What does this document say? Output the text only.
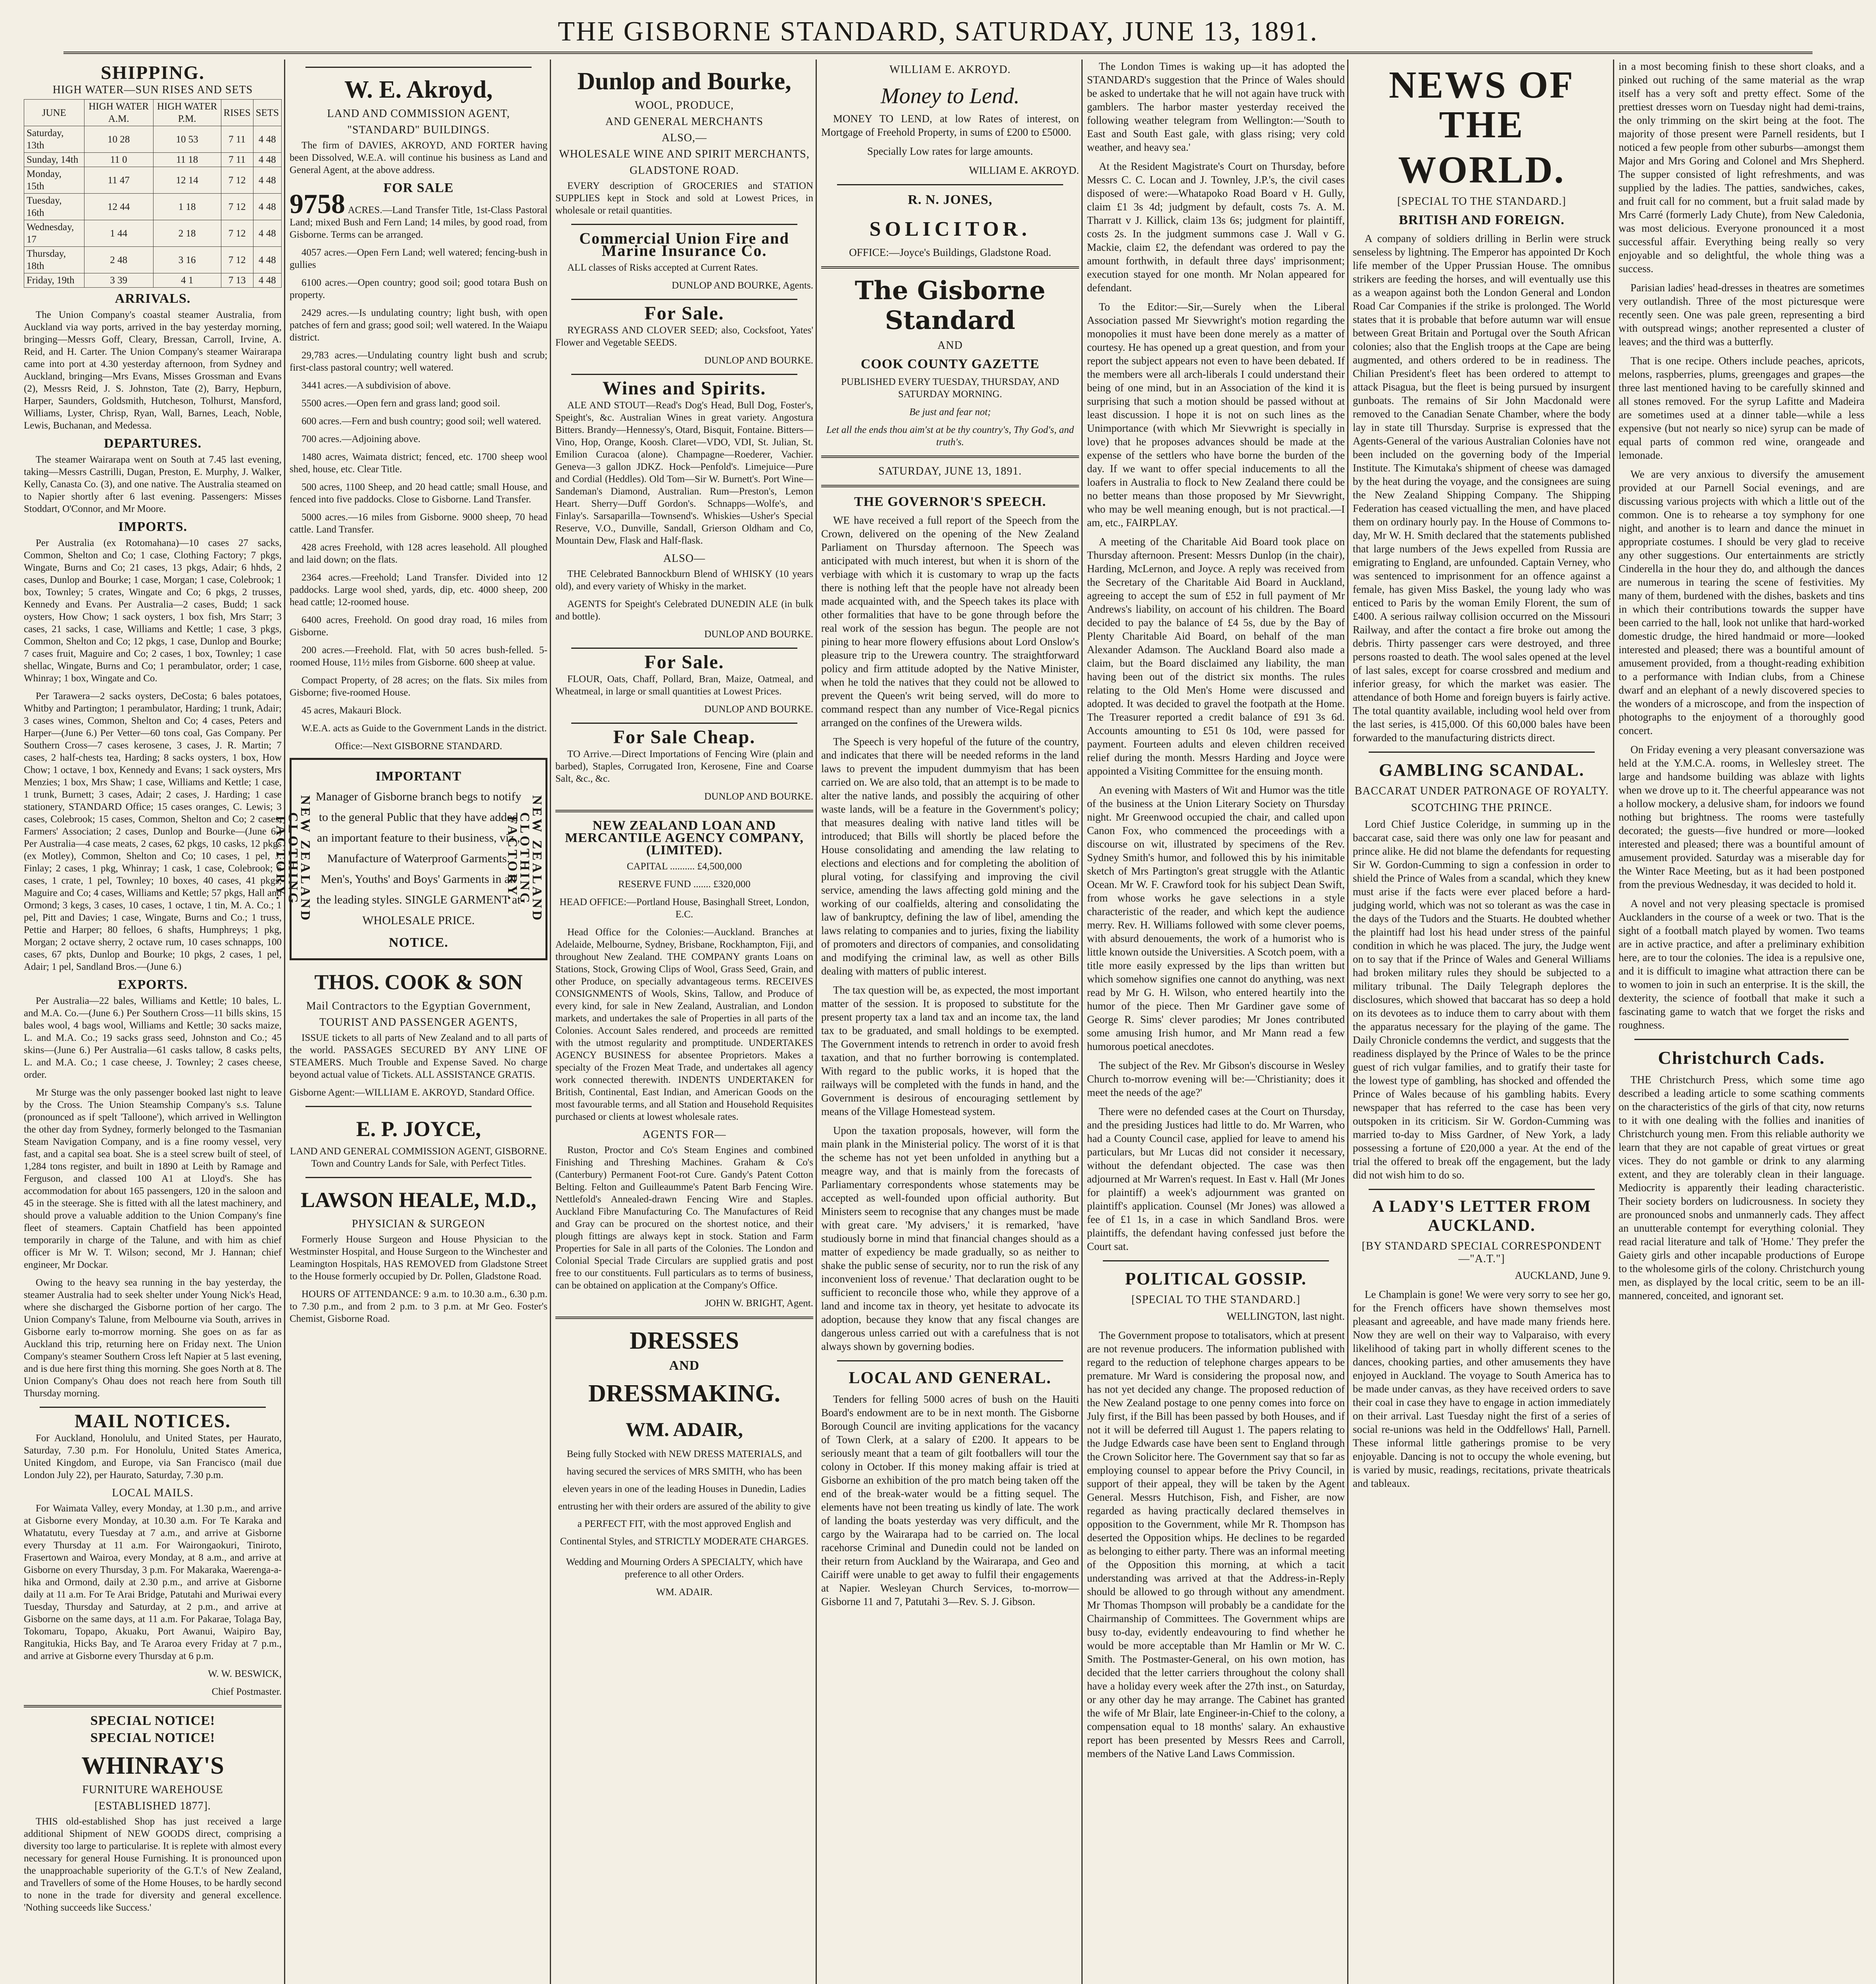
THE GISBORNE STANDARD, SATURDAY, JUNE 13, 1891.
SHIPPING.
HIGH WATER—SUN RISES AND SETS
JUNE	HIGH WATER A.M.	HIGH WATER P.M.	RISES	SETS
Saturday, 13th	10 28	10 53	7 11	4 48
Sunday, 14th	11 0	11 18	7 11	4 48
Monday, 15th	11 47	12 14	7 12	4 48
Tuesday, 16th	12 44	1 18	7 12	4 48
Wednesday, 17	1 44	2 18	7 12	4 48
Thursday, 18th	2 48	3 16	7 12	4 48
Friday, 19th	3 39	4 1	7 13	4 48
ARRIVALS.

The Union Company's coastal steamer Australia, from Auckland via way ports, arrived in the bay yesterday morning, bringing—Messrs Goff, Cleary, Bressan, Carroll, Irvine, A. Reid, and H. Carter. The Union Company's steamer Wairarapa came into port at 4.30 yesterday afternoon, from Sydney and Auckland, bringing—Mrs Evans, Misses Grossman and Evans (2), Messrs Reid, J. S. Johnston, Tate (2), Barry, Hepburn, Harper, Saunders, Goldsmith, Hutcheson, Tolhurst, Mansford, Williams, Lyster, Chrisp, Ryan, Wall, Barnes, Leach, Noble, Lewis, Buchanan, and Medessa.

DEPARTURES.

The steamer Wairarapa went on South at 7.45 last evening, taking—Messrs Castrilli, Dugan, Preston, E. Murphy, J. Walker, Kelly, Canasta Co. (3), and one native. The Australia steamed on to Napier shortly after 6 last evening. Passengers: Misses Stoddart, O'Connor, and Mr Moore.

IMPORTS.

Per Australia (ex Rotomahana)—10 cases 27 sacks, Common, Shelton and Co; 1 case, Clothing Factory; 7 pkgs, Wingate, Burns and Co; 21 cases, 13 pkgs, Adair; 6 hhds, 2 cases, Dunlop and Bourke; 1 case, Morgan; 1 case, Colebrook; 1 box, Townley; 5 crates, Wingate and Co; 6 pkgs, 2 trusses, Kennedy and Evans. Per Australia—2 cases, Budd; 1 sack oysters, How Chow; 1 sack oysters, 1 box fish, Mrs Starr; 3 cases, 21 sacks, 1 case, Williams and Kettle; 1 case, 3 pkgs, Common, Shelton and Co; 12 pkgs, 1 case, Dunlop and Bourke; 7 cases fruit, Maguire and Co; 2 cases, 1 box, Townley; 1 case shellac, Wingate, Burns and Co; 1 perambulator, order; 1 case, Whinray; 1 box, Wingate and Co.

Per Tarawera—2 sacks oysters, DeCosta; 6 bales potatoes, Whitby and Partington; 1 perambulator, Harding; 1 trunk, Adair; 3 cases wines, Common, Shelton and Co; 4 cases, Peters and Harper—(June 6.) Per Vetter—60 tons coal, Gas Company. Per Southern Cross—7 cases kerosene, 3 cases, J. R. Martin; 7 cases, 2 half-chests tea, Harding; 8 sacks oysters, 1 box, How Chow; 1 octave, 1 box, Kennedy and Evans; 1 sack oysters, Mrs Menzies; 1 box, Mrs Shaw; 1 case, Williams and Kettle; 1 case, 1 trunk, Burnett; 3 cases, Adair; 2 cases, J. Harding; 1 case stationery, STANDARD Office; 15 cases oranges, C. Lewis; 3 cases, Colebrook; 15 cases, Common, Shelton and Co; 2 cases, Farmers' Association; 2 cases, Dunlop and Bourke—(June 6.) Per Australia—4 case meats, 2 cases, 62 pkgs, 10 casks, 12 pkgs (ex Motley), Common, Shelton and Co; 10 cases, 1 pel, J. Finlay; 2 cases, 1 pkg, Whinray; 1 cask, 1 case, Colebrook; 6 cases, 1 crate, 1 pel, Townley; 10 boxes, 40 cases, 41 pkgs, Maguire and Co; 4 cases, Williams and Kettle; 57 pkgs, Hall and Ormond; 3 kegs, 3 cases, 10 cases, 1 octave, 1 tin, M. A. Co.; 1 pel, Pitt and Davies; 1 case, Wingate, Burns and Co.; 1 truss, Pettie and Harper; 80 felloes, 6 shafts, Humphreys; 1 pkg, Morgan; 2 octave sherry, 2 octave rum, 10 cases schnapps, 100 cases, 67 pkts, Dunlop and Bourke; 10 pkgs, 2 cases, 1 pel, Adair; 1 pel, Sandland Bros.—(June 6.)

EXPORTS.

Per Australia—22 bales, Williams and Kettle; 10 bales, L. and M.A. Co.—(June 6.) Per Southern Cross—11 bills skins, 15 bales wool, 4 bags wool, Williams and Kettle; 30 sacks maize, L. and M.A. Co.; 19 sacks grass seed, Johnston and Co.; 45 skins—(June 6.) Per Australia—61 casks tallow, 8 casks pelts, L. and M.A. Co.; 1 case cheese, J. Townley; 2 cases cheese, order.

Mr Sturge was the only passenger booked last night to leave by the Cross. The Union Steamship Company's s.s. Talune (pronounced as if spelt 'Talloone'), which arrived in Wellington the other day from Sydney, formerly belonged to the Tasmanian Steam Navigation Company, and is a fine roomy vessel, very fast, and a capital sea boat. She is a steel screw built of steel, of 1,284 tons register, and built in 1890 at Leith by Ramage and Ferguson, and classed 100 A1 at Lloyd's. She has accommodation for about 165 passengers, 120 in the saloon and 45 in the steerage. She is fitted with all the latest machinery, and should prove a valuable addition to the Union Company's fine fleet of steamers. Captain Chatfield has been appointed temporarily in charge of the Talune, and with him as chief officer is Mr W. T. Wilson; second, Mr J. Hannan; chief engineer, Mr Dockar.

Owing to the heavy sea running in the bay yesterday, the steamer Australia had to seek shelter under Young Nick's Head, where she discharged the Gisborne portion of her cargo. The Union Company's Talune, from Melbourne via South, arrives in Gisborne early to-morrow morning. She goes on as far as Auckland this trip, returning here on Friday next. The Union Company's steamer Southern Cross left Napier at 5 last evening, and is due here first thing this morning. She goes North at 8. The Union Company's Ohau does not reach here from South till Thursday morning.

MAIL NOTICES.

For Auckland, Honolulu, and United States, per Haurato, Saturday, 7.30 p.m. For Honolulu, United States America, United Kingdom, and Europe, via San Francisco (mail due London July 22), per Haurato, Saturday, 7.30 p.m.

LOCAL MAILS.

For Waimata Valley, every Monday, at 1.30 p.m., and arrive at Gisborne every Monday, at 10.30 a.m. For Te Karaka and Whatatutu, every Tuesday at 7 a.m., and arrive at Gisborne every Thursday at 11 a.m. For Wairongaokuri, Tiniroto, Frasertown and Wairoa, every Monday, at 8 a.m., and arrive at Gisborne on every Thursday, 3 p.m. For Makaraka, Waerenga-a-hika and Ormond, daily at 2.30 p.m., and arrive at Gisborne daily at 11 a.m. For Te Arai Bridge, Patutahi and Muriwai every Tuesday, Thursday and Saturday, at 2 p.m., and arrive at Gisborne on the same days, at 11 a.m. For Pakarae, Tolaga Bay, Tokomaru, Topapo, Akuaku, Port Awanui, Waipiro Bay, Rangitukia, Hicks Bay, and Te Araroa every Friday at 7 p.m., and arrive at Gisborne every Thursday at 6 p.m.

W. W. BESWICK,

Chief Postmaster.

SPECIAL NOTICE!
SPECIAL NOTICE!
WHINRAY'S
FURNITURE WAREHOUSE
[ESTABLISHED 1877].

THIS old-established Shop has just received a large additional Shipment of NEW GOODS direct, comprising a diversity too large to particularise. It is replete with almost every necessary for general House Furnishing. It is pronounced upon the unapproachable superiority of the G.T.'s of New Zealand, and Travellers of some of the Home Houses, to be hardly second to none in the trade for diversity and general excellence. 'Nothing succeeds like Success.'

W. E. Akroyd,
LAND AND COMMISSION AGENT,
"STANDARD" BUILDINGS.

The firm of DAVIES, AKROYD, AND FORTER having been Dissolved, W.E.A. will continue his business as Land and General Agent, at the above address.

FOR SALE

9758 ACRES.—Land Transfer Title, 1st-Class Pastoral Land; mixed Bush and Fern Land; 14 miles, by good road, from Gisborne. Terms can be arranged.

4057 acres.—Open Fern Land; well watered; fencing-bush in gullies

6100 acres.—Open country; good soil; good totara Bush on property.

2429 acres.—Is undulating country; light bush, with open patches of fern and grass; good soil; well watered. In the Waiapu district.

29,783 acres.—Undulating country light bush and scrub; first-class pastoral country; well watered.

3441 acres.—A subdivision of above.

5500 acres.—Open fern and grass land; good soil.

600 acres.—Fern and bush country; good soil; well watered.

700 acres.—Adjoining above.

1480 acres, Waimata district; fenced, etc. 1700 sheep wool shed, house, etc. Clear Title.

500 acres, 1100 Sheep, and 20 head cattle; small House, and fenced into five paddocks. Close to Gisborne. Land Transfer.

5000 acres.—16 miles from Gisborne. 9000 sheep, 70 head cattle. Land Transfer.

428 acres Freehold, with 128 acres leasehold. All ploughed and laid down; on the flats.

2364 acres.—Freehold; Land Transfer. Divided into 12 paddocks. Large wool shed, yards, dip, etc. 4000 sheep, 200 head cattle; 12-roomed house.

6400 acres, Freehold. On good dray road, 16 miles from Gisborne.

200 acres.—Freehold. Flat, with 50 acres bush-felled. 5-roomed House, 11½ miles from Gisborne. 600 sheep at value.

Compact Property, of 28 acres; on the flats. Six miles from Gisborne; five-roomed House.

45 acres, Makauri Block.

W.E.A. acts as Guide to the Government Lands in the district.

Office:—Next GISBORNE STANDARD.

NEW ZEALAND CLOTHING FACTORY.	NEW ZEALAND CLOTHING FACTORY.
IMPORTANT

Manager of Gisborne branch begs to notify to the general Public that they have added an important feature to their business, viz., Manufacture of Waterproof Garments. Men's, Youths' and Boys' Garments in all the leading styles. SINGLE GARMENT at WHOLESALE PRICE.

NOTICE.
THOS. COOK & SON
Mail Contractors to the Egyptian Government,
TOURIST AND PASSENGER AGENTS,

ISSUE tickets to all parts of New Zealand and to all parts of the world. PASSAGES SECURED BY ANY LINE OF STEAMERS. Much Trouble and Expense Saved. No charge beyond actual value of Tickets. ALL ASSISTANCE GRATIS.

Gisborne Agent:—WILLIAM E. AKROYD, Standard Office.

E. P. JOYCE,

LAND AND GENERAL COMMISSION AGENT, GISBORNE. Town and Country Lands for Sale, with Perfect Titles.

LAWSON HEALE, M.D.,
PHYSICIAN & SURGEON

Formerly House Surgeon and House Physician to the Westminster Hospital, and House Surgeon to the Winchester and Leamington Hospitals, HAS REMOVED from Gladstone Street to the House formerly occupied by Dr. Pollen, Gladstone Road.

HOURS OF ATTENDANCE: 9 a.m. to 10.30 a.m., 6.30 p.m. to 7.30 p.m., and from 2 p.m. to 3 p.m. at Mr Geo. Foster's Chemist, Gisborne Road.

Dunlop and Bourke,
WOOL, PRODUCE,
AND GENERAL MERCHANTS
ALSO,—
WHOLESALE WINE AND SPIRIT MERCHANTS,
GLADSTONE ROAD.

EVERY description of GROCERIES and STATION SUPPLIES kept in Stock and sold at Lowest Prices, in wholesale or retail quantities.

Commercial Union Fire and Marine Insurance Co.

ALL classes of Risks accepted at Current Rates.

DUNLOP AND BOURKE, Agents.

For Sale.

RYEGRASS AND CLOVER SEED; also, Cocksfoot, Yates' Flower and Vegetable SEEDS.

DUNLOP AND BOURKE.

Wines and Spirits.

ALE AND STOUT—Read's Dog's Head, Bull Dog, Foster's, Speight's, &c. Australian Wines in great variety. Angostura Bitters. Brandy—Hennessy's, Otard, Bisquit, Fontaine. Bitters—Vino, Hop, Orange, Koosh. Claret—VDO, VDI, St. Julian, St. Emilion Curacoa (alone). Champagne—Roederer, Vachier. Geneva—3 gallon JDKZ. Hock—Penfold's. Limejuice—Pure and Cordial (Heddles). Old Tom—Sir W. Burnett's. Port Wine—Sandeman's Diamond, Australian. Rum—Preston's, Lemon Heart. Sherry—Duff Gordon's. Schnapps—Wolfe's, and Finlay's. Sarsaparilla—Townsend's. Whiskies—Usher's Special Reserve, V.O., Dunville, Sandall, Grierson Oldham and Co, Mountain Dew, Flask and Half-flask.

ALSO—

THE Celebrated Bannockburn Blend of WHISKY (10 years old), and every variety of Whisky in the market.

AGENTS for Speight's Celebrated DUNEDIN ALE (in bulk and bottle).

DUNLOP AND BOURKE.

For Sale.

FLOUR, Oats, Chaff, Pollard, Bran, Maize, Oatmeal, and Wheatmeal, in large or small quantities at Lowest Prices.

DUNLOP AND BOURKE.

For Sale Cheap.

TO Arrive.—Direct Importations of Fencing Wire (plain and barbed), Staples, Corrugated Iron, Kerosene, Fine and Coarse Salt, &c., &c.

DUNLOP AND BOURKE.

NEW ZEALAND LOAN AND MERCANTILE AGENCY COMPANY, (LIMITED).

CAPITAL .......... £4,500,000

RESERVE FUND ....... £320,000

HEAD OFFICE:—Portland House, Basinghall Street, London, E.C.

Head Office for the Colonies:—Auckland. Branches at Adelaide, Melbourne, Sydney, Brisbane, Rockhampton, Fiji, and throughout New Zealand. THE COMPANY grants Loans on Stations, Stock, Growing Clips of Wool, Grass Seed, Grain, and other Produce, on specially advantageous terms. RECEIVES CONSIGNMENTS of Wools, Skins, Tallow, and Produce of every kind, for sale in New Zealand, Australian, and London markets, and undertakes the sale of Properties in all parts of the Colonies. Account Sales rendered, and proceeds are remitted with the utmost regularity and promptitude. UNDERTAKES AGENCY BUSINESS for absentee Proprietors. Makes a specialty of the Frozen Meat Trade, and undertakes all agency work connected therewith. INDENTS UNDERTAKEN for British, Continental, East Indian, and American Goods on the most favourable terms, and all Station and Household Requisites purchased or clients at lowest wholesale rates.

AGENTS FOR—

Ruston, Proctor and Co's Steam Engines and combined Finishing and Threshing Machines. Graham & Co's (Canterbury) Permanent Foot-rot Cure. Gandy's Patent Cotton Belting. Felton and Guilleaumme's Patent Barb Fencing Wire. Nettlefold's Annealed-drawn Fencing Wire and Staples. Auckland Fibre Manufacturing Co. The Manufactures of Reid and Gray can be procured on the shortest notice, and their plough fittings are always kept in stock. Station and Farm Properties for Sale in all parts of the Colonies. The London and Colonial Special Trade Circulars are supplied gratis and post free to our constituents. Full particulars as to terms of business, can be obtained on application at the Company's Office.

JOHN W. BRIGHT, Agent.

DRESSES
AND
DRESSMAKING.
WM. ADAIR,

Being fully Stocked with NEW DRESS MATERIALS, and having secured the services of MRS SMITH, who has been eleven years in one of the leading Houses in Dunedin, Ladies entrusting her with their orders are assured of the ability to give a PERFECT FIT, with the most approved English and Continental Styles, and STRICTLY MODERATE CHARGES.

Wedding and Mourning Orders A SPECIALTY, which have preference to all other Orders.

WM. ADAIR.

WILLIAM E. AKROYD.
Money to Lend.

MONEY TO LEND, at low Rates of interest, on Mortgage of Freehold Property, in sums of £200 to £5000.

Specially Low rates for large amounts.

WILLIAM E. AKROYD.

R. N. JONES,
SOLICITOR.

OFFICE:—Joyce's Buildings, Gladstone Road.

The Gisborne Standard
AND
COOK COUNTY GAZETTE

PUBLISHED EVERY TUESDAY, THURSDAY, AND SATURDAY MORNING.

Be just and fear not;

Let all the ends thou aim'st at be thy country's, Thy God's, and truth's.

SATURDAY, JUNE 13, 1891.
THE GOVERNOR'S SPEECH.

WE have received a full report of the Speech from the Crown, delivered on the opening of the New Zealand Parliament on Thursday afternoon. The Speech was anticipated with much interest, but when it is shorn of the verbiage with which it is customary to wrap up the facts there is nothing left that the people have not already been made acquainted with, and the Speech takes its place with other formalities that have to be gone through before the real work of the session has begun. The people are not pining to hear more flowery effusions about Lord Onslow's pleasure trip to the Urewera country. The straightforward policy and firm attitude adopted by the Native Minister, when he told the natives that they could not be allowed to prevent the Queen's writ being served, will do more to command respect than any number of Vice-Regal picnics arranged on the confines of the Urewera wilds.

The Speech is very hopeful of the future of the country, and indicates that there will be needed reforms in the land laws to prevent the impudent dummyism that has been carried on. We are also told, that an attempt is to be made to alter the native lands, and possibly the acquiring of other waste lands, will be a feature in the Government's policy; that measures dealing with native land titles will be introduced; that Bills will shortly be placed before the House consolidating and amending the law relating to elections and elections and for completing the abolition of plural voting, for classifying and improving the civil service, amending the laws affecting gold mining and the working of our coalfields, altering and consolidating the law of bankruptcy, defining the law of libel, amending the laws relating to companies and to juries, fixing the liability of promoters and directors of companies, and consolidating and modifying the criminal law, as well as other Bills dealing with matters of public interest.

The tax question will be, as expected, the most important matter of the session. It is proposed to substitute for the present property tax a land tax and an income tax, the land tax to be graduated, and small holdings to be exempted. The Government intends to retrench in order to avoid fresh taxation, and that no further borrowing is contemplated. With regard to the public works, it is hoped that the railways will be completed with the funds in hand, and the Government is desirous of encouraging settlement by means of the Village Homestead system.

Upon the taxation proposals, however, will form the main plank in the Ministerial policy. The worst of it is that the scheme has not yet been unfolded in anything but a meagre way, and that is mainly from the forecasts of Parliamentary correspondents whose statements may be accepted as well-founded upon official authority. But Ministers seem to recognise that any changes must be made with great care. 'My advisers,' it is remarked, 'have studiously borne in mind that financial changes should as a matter of expediency be made gradually, so as neither to shake the public sense of security, nor to run the risk of any inconvenient loss of revenue.' That declaration ought to be sufficient to reconcile those who, while they approve of a land and income tax in theory, yet hesitate to advocate its adoption, because they know that any fiscal changes are dangerous unless carried out with a carefulness that is not always shown by governing bodies.

LOCAL AND GENERAL.

Tenders for felling 5000 acres of bush on the Hauiti Board's endowment are to be in next month. The Gisborne Borough Council are inviting applications for the vacancy of Town Clerk, at a salary of £200. It appears to be seriously meant that a team of gilt footballers will tour the colony in October. If this money making affair is tried at Gisborne an exhibition of the pro match being taken off the end of the break-water would be a fitting sequel. The elements have not been treating us kindly of late. The work of landing the boats yesterday was very difficult, and the cargo by the Wairarapa had to be carried on. The local racehorse Criminal and Dunedin could not be landed on their return from Auckland by the Wairarapa, and Geo and Cairiff were unable to get away to fulfil their engagements at Napier. Wesleyan Church Services, to-morrow—Gisborne 11 and 7, Patutahi 3—Rev. S. J. Gibson.

The London Times is waking up—it has adopted the STANDARD's suggestion that the Prince of Wales should be asked to undertake that he will not again have truck with gamblers. The harbor master yesterday received the following weather telegram from Wellington:—'South to East and South East gale, with glass rising; very cold weather, and heavy sea.'

At the Resident Magistrate's Court on Thursday, before Messrs C. C. Locan and J. Townley, J.P.'s, the civil cases disposed of were:—Whatapoko Road Board v H. Gully, claim £1 3s 4d; judgment by default, costs 7s. A. M. Tharratt v J. Killick, claim 13s 6s; judgment for plaintiff, costs 2s. In the judgment summons case J. Wall v G. Mackie, claim £2, the defendant was ordered to pay the amount forthwith, in default three days' imprisonment; execution stayed for one month. Mr Nolan appeared for defendant.

To the Editor:—Sir,—Surely when the Liberal Association passed Mr Sievwright's motion regarding the monopolies it must have been done merely as a matter of courtesy. He has opened up a great question, and from your report the subject appears not even to have been debated. If the members were all arch-liberals I could understand their being of one mind, but in an Association of the kind it is surprising that such a motion should be passed without at least discussion. I hope it is not on such lines as the Unimportance (with which Mr Sievwright is specially in love) that he proposes advances should be made at the expense of the settlers who have borne the burden of the day. If we want to offer special inducements to all the loafers in Australia to flock to New Zealand there could be no better means than those proposed by Mr Sievwright, who may be well meaning enough, but is not practical.—I am, etc., FAIRPLAY.

A meeting of the Charitable Aid Board took place on Thursday afternoon. Present: Messrs Dunlop (in the chair), Harding, McLernon, and Joyce. A reply was received from the Secretary of the Charitable Aid Board in Auckland, agreeing to accept the sum of £52 in full payment of Mr Andrews's liability, on account of his children. The Board decided to pay the balance of £4 5s, due by the Bay of Plenty Charitable Aid Board, on behalf of the man Alexander Adamson. The Auckland Board also made a claim, but the Board disclaimed any liability, the man having been out of the district six months. The rules relating to the Old Men's Home were discussed and adopted. It was decided to gravel the footpath at the Home. The Treasurer reported a credit balance of £91 3s 6d. Accounts amounting to £51 0s 10d, were passed for payment. Fourteen adults and eleven children received relief during the month. Messrs Harding and Joyce were appointed a Visiting Committee for the ensuing month.

An evening with Masters of Wit and Humor was the title of the business at the Union Literary Society on Thursday night. Mr Greenwood occupied the chair, and called upon Canon Fox, who commenced the proceedings with a discourse on wit, illustrated by specimens of the Rev. Sydney Smith's humor, and followed this by his inimitable sketch of Mrs Partington's great struggle with the Atlantic Ocean. Mr W. F. Crawford took for his subject Dean Swift, from whose works he gave selections in a style characteristic of the reader, and which kept the audience merry. Rev. H. Williams followed with some clever poems, with absurd denouements, the work of a humorist who is little known outside the Universities. A Scotch poem, with a title more easily expressed by the lips than written but which somehow signifies one cannot do anything, was next read by Mr G. H. Wilson, who entered heartily into the humor of the piece. Then Mr Gardiner gave some of George R. Sims' clever parodies; Mr Jones contributed some amusing Irish humor, and Mr Mann read a few humorous poetical anecdotes.

The subject of the Rev. Mr Gibson's discourse in Wesley Church to-morrow evening will be:—'Christianity; does it meet the needs of the age?'

There were no defended cases at the Court on Thursday, and the presiding Justices had little to do. Mr Warren, who had a County Council case, applied for leave to amend his particulars, but Mr Lucas did not consider it necessary, without the defendant objected. The case was then adjourned at Mr Warren's request. In East v. Hall (Mr Jones for plaintiff) a week's adjournment was granted on plaintiff's application. Counsel (Mr Jones) was allowed a fee of £1 1s, in a case in which Sandland Bros. were plaintiffs, the defendant having confessed just before the Court sat.

POLITICAL GOSSIP.
[SPECIAL TO THE STANDARD.]

WELLINGTON, last night.

The Government propose to totalisators, which at present are not revenue producers. The information published with regard to the reduction of telephone charges appears to be premature. Mr Ward is considering the proposal now, and has not yet decided any change. The proposed reduction of the New Zealand postage to one penny comes into force on July first, if the Bill has been passed by both Houses, and if not it will be deferred till August 1. The papers relating to the Judge Edwards case have been sent to England through the Crown Solicitor here. The Government say that so far as employing counsel to appear before the Privy Council, in support of their appeal, they will be taken by the Agent General. Messrs Hutchison, Fish, and Fisher, are now regarded as having practically declared themselves in opposition to the Government, while Mr R. Thompson has deserted the Opposition whips. He declines to be regarded as belonging to either party. There was an informal meeting of the Opposition this morning, at which a tacit understanding was arrived at that the Address-in-Reply should be allowed to go through without any amendment. Mr Thomas Thompson will probably be a candidate for the Chairmanship of Committees. The Government whips are busy to-day, evidently endeavouring to find whether he would be more acceptable than Mr Hamlin or Mr W. C. Smith. The Postmaster-General, on his own motion, has decided that the letter carriers throughout the colony shall have a holiday every week after the 27th inst., on Saturday, or any other day he may arrange. The Cabinet has granted the wife of Mr Blair, late Engineer-in-Chief to the colony, a compensation equal to 18 months' salary. An exhaustive report has been presented by Messrs Rees and Carroll, members of the Native Land Laws Commission.

NEWS OF THE
WORLD.
[SPECIAL TO THE STANDARD.]
BRITISH AND FOREIGN.

A company of soldiers drilling in Berlin were struck senseless by lightning. The Emperor has appointed Dr Koch life member of the Upper Prussian House. The omnibus strikers are feeding the horses, and will eventually use this as a weapon against both the London General and London Road Car Companies if the strike is prolonged. The World states that it is probable that before autumn war will ensue between Great Britain and Portugal over the South African colonies; also that the English troops at the Cape are being augmented, and others ordered to be in readiness. The Chilian President's fleet has been ordered to attempt to attack Pisagua, but the fleet is being pursued by insurgent gunboats. The remains of Sir John Macdonald were removed to the Canadian Senate Chamber, where the body lay in state till Thursday. Surprise is expressed that the Agents-General of the various Australian Colonies have not been included on the governing body of the Imperial Institute. The Kimutaka's shipment of cheese was damaged by the heat during the voyage, and the consignees are suing the New Zealand Shipping Company. The Shipping Federation has ceased victualling the men, and have placed them on ordinary hourly pay. In the House of Commons to-day, Mr W. H. Smith declared that the statements published that large numbers of the Jews expelled from Russia are emigrating to England, are unfounded. Captain Verney, who was sentenced to imprisonment for an offence against a female, has given Miss Baskel, the young lady who was enticed to Paris by the woman Emily Florent, the sum of £400. A serious railway collision occurred on the Missouri Railway, and after the contact a fire broke out among the debris. Thirty passenger cars were destroyed, and three persons roasted to death. The wool sales opened at the level of last sales, except for coarse crossbred and medium and inferior greasy, for which the market was easier. The attendance of both Home and foreign buyers is fairly active. The total quantity available, including wool held over from the last series, is 415,000. Of this 60,000 bales have been forwarded to the manufacturing districts direct.

GAMBLING SCANDAL.
BACCARAT UNDER PATRONAGE OF ROYALTY.
SCOTCHING THE PRINCE.

Lord Chief Justice Coleridge, in summing up in the baccarat case, said there was only one law for peasant and prince alike. He did not blame the defendants for requesting Sir W. Gordon-Cumming to sign a confession in order to shield the Prince of Wales from a scandal, which they knew must arise if the facts were ever placed before a hard-judging world, which was not so tolerant as was the case in the days of the Tudors and the Stuarts. He doubted whether the plaintiff had lost his head under stress of the painful condition in which he was placed. The jury, the Judge went on to say that if the Prince of Wales and General Williams had broken military rules they should be subjected to a military tribunal. The Daily Telegraph deplores the disclosures, which showed that baccarat has so deep a hold on its devotees as to induce them to carry about with them the apparatus necessary for the playing of the game. The Daily Chronicle condemns the verdict, and suggests that the readiness displayed by the Prince of Wales to be the prince guest of rich vulgar families, and to gratify their taste for the lowest type of gambling, has shocked and offended the Prince of Wales because of his gambling habits. Every newspaper that has referred to the case has been very outspoken in its criticism. Sir W. Gordon-Cumming was married to-day to Miss Gardner, of New York, a lady possessing a fortune of £20,000 a year. At the end of the trial the offered to break off the engagement, but the lady did not wish him to do so.

A LADY'S LETTER FROM AUCKLAND.
[BY STANDARD SPECIAL CORRESPONDENT—"A.T."]

AUCKLAND, June 9.

Le Champlain is gone! We were very sorry to see her go, for the French officers have shown themselves most pleasant and agreeable, and have made many friends here. Now they are well on their way to Valparaiso, with every likelihood of taking part in wholly different scenes to the dances, chooking parties, and other amusements they have enjoyed in Auckland. The voyage to South America has to be made under canvas, as they have received orders to save their coal in case they have to engage in action immediately on their arrival. Last Tuesday night the first of a series of social re-unions was held in the Oddfellows' Hall, Parnell. These informal little gatherings promise to be very enjoyable. Dancing is not to occupy the whole evening, but is varied by music, readings, recitations, private theatricals and tableaux.

in a most becoming finish to these short cloaks, and a pinked out ruching of the same material as the wrap itself has a very soft and pretty effect. Some of the prettiest dresses worn on Tuesday night had demi-trains, the only trimming on the skirt being at the foot. The majority of those present were Parnell residents, but I noticed a few people from other suburbs—amongst them Major and Mrs Goring and Colonel and Mrs Shepherd. The supper consisted of light refreshments, and was supplied by the ladies. The patties, sandwiches, cakes, and fruit call for no comment, but a fruit salad made by Mrs Carré (formerly Lady Chute), from New Caledonia, was most delicious. Everyone pronounced it a most successful affair. Everything being really so very enjoyable and so delightful, the whole thing was a success.

Parisian ladies' head-dresses in theatres are sometimes very outlandish. Three of the most picturesque were recently seen. One was pale green, representing a bird with outspread wings; another represented a cluster of leaves; and the third was a butterfly.

That is one recipe. Others include peaches, apricots, melons, raspberries, plums, greengages and grapes—the three last mentioned having to be carefully skinned and all stones removed. For the syrup Lafitte and Madeira are sometimes used at a dinner table—while a less expensive (but not nearly so nice) syrup can be made of equal parts of common red wine, orangeade and lemonade.

We are very anxious to diversify the amusement provided at our Parnell Social evenings, and are discussing various projects with which a little out of the common. One is to rehearse a toy symphony for one night, and another is to learn and dance the minuet in appropriate costumes. I should be very glad to receive any other suggestions. Our entertainments are strictly Cinderella in the hour they do, and although the dances are numerous in tearing the scene of festivities. My many of them, burdened with the dishes, baskets and tins in which their contributions towards the supper have been carried to the hall, look not unlike that hard-worked domestic drudge, the hired handmaid or more—looked interested and pleased; there was a bountiful amount of amusement provided, from a thought-reading exhibition to a performance with Indian clubs, from a Chinese dwarf and an elephant of a newly discovered species to the wonders of a microscope, and from the inspection of photographs to the enjoyment of a thoroughly good concert.

On Friday evening a very pleasant conversazione was held at the Y.M.C.A. rooms, in Wellesley street. The large and handsome building was ablaze with lights when we drove up to it. The cheerful appearance was not a hollow mockery, a delusive sham, for indoors we found nothing but brightness. The rooms were tastefully decorated; the guests—five hundred or more—looked interested and pleased; there was a bountiful amount of amusement provided. Saturday was a miserable day for the Winter Race Meeting, but as it had been postponed from the previous Wednesday, it was decided to hold it.

A novel and not very pleasing spectacle is promised Aucklanders in the course of a week or two. That is the sight of a football match played by women. Two teams are in active practice, and after a preliminary exhibition here, are to tour the colonies. The idea is a repulsive one, and it is difficult to imagine what attraction there can be to women to join in such an enterprise. It is the skill, the dexterity, the science of football that make it such a fascinating game to watch that we forget the risks and roughness.

Christchurch Cads.

THE Christchurch Press, which some time ago described a leading article to some scathing comments on the characteristics of the girls of that city, now returns to it with one dealing with the follies and inanities of Christchurch young men. From this reliable authority we learn that they are not capable of great virtues or great vices. They do not gamble or drink to any alarming extent, and they are tolerably clean in their language. Mediocrity is apparently their leading characteristic. Their society borders on ludicrousness. In society they are pronounced snobs and unmannerly cads. They affect an unutterable contempt for everything colonial. They read racial literature and talk of 'Home.' They prefer the Gaiety girls and other incapable productions of Europe to the wholesome girls of the colony. Christchurch young men, as displayed by the local critic, seem to be an ill-mannered, conceited, and ignorant set.
